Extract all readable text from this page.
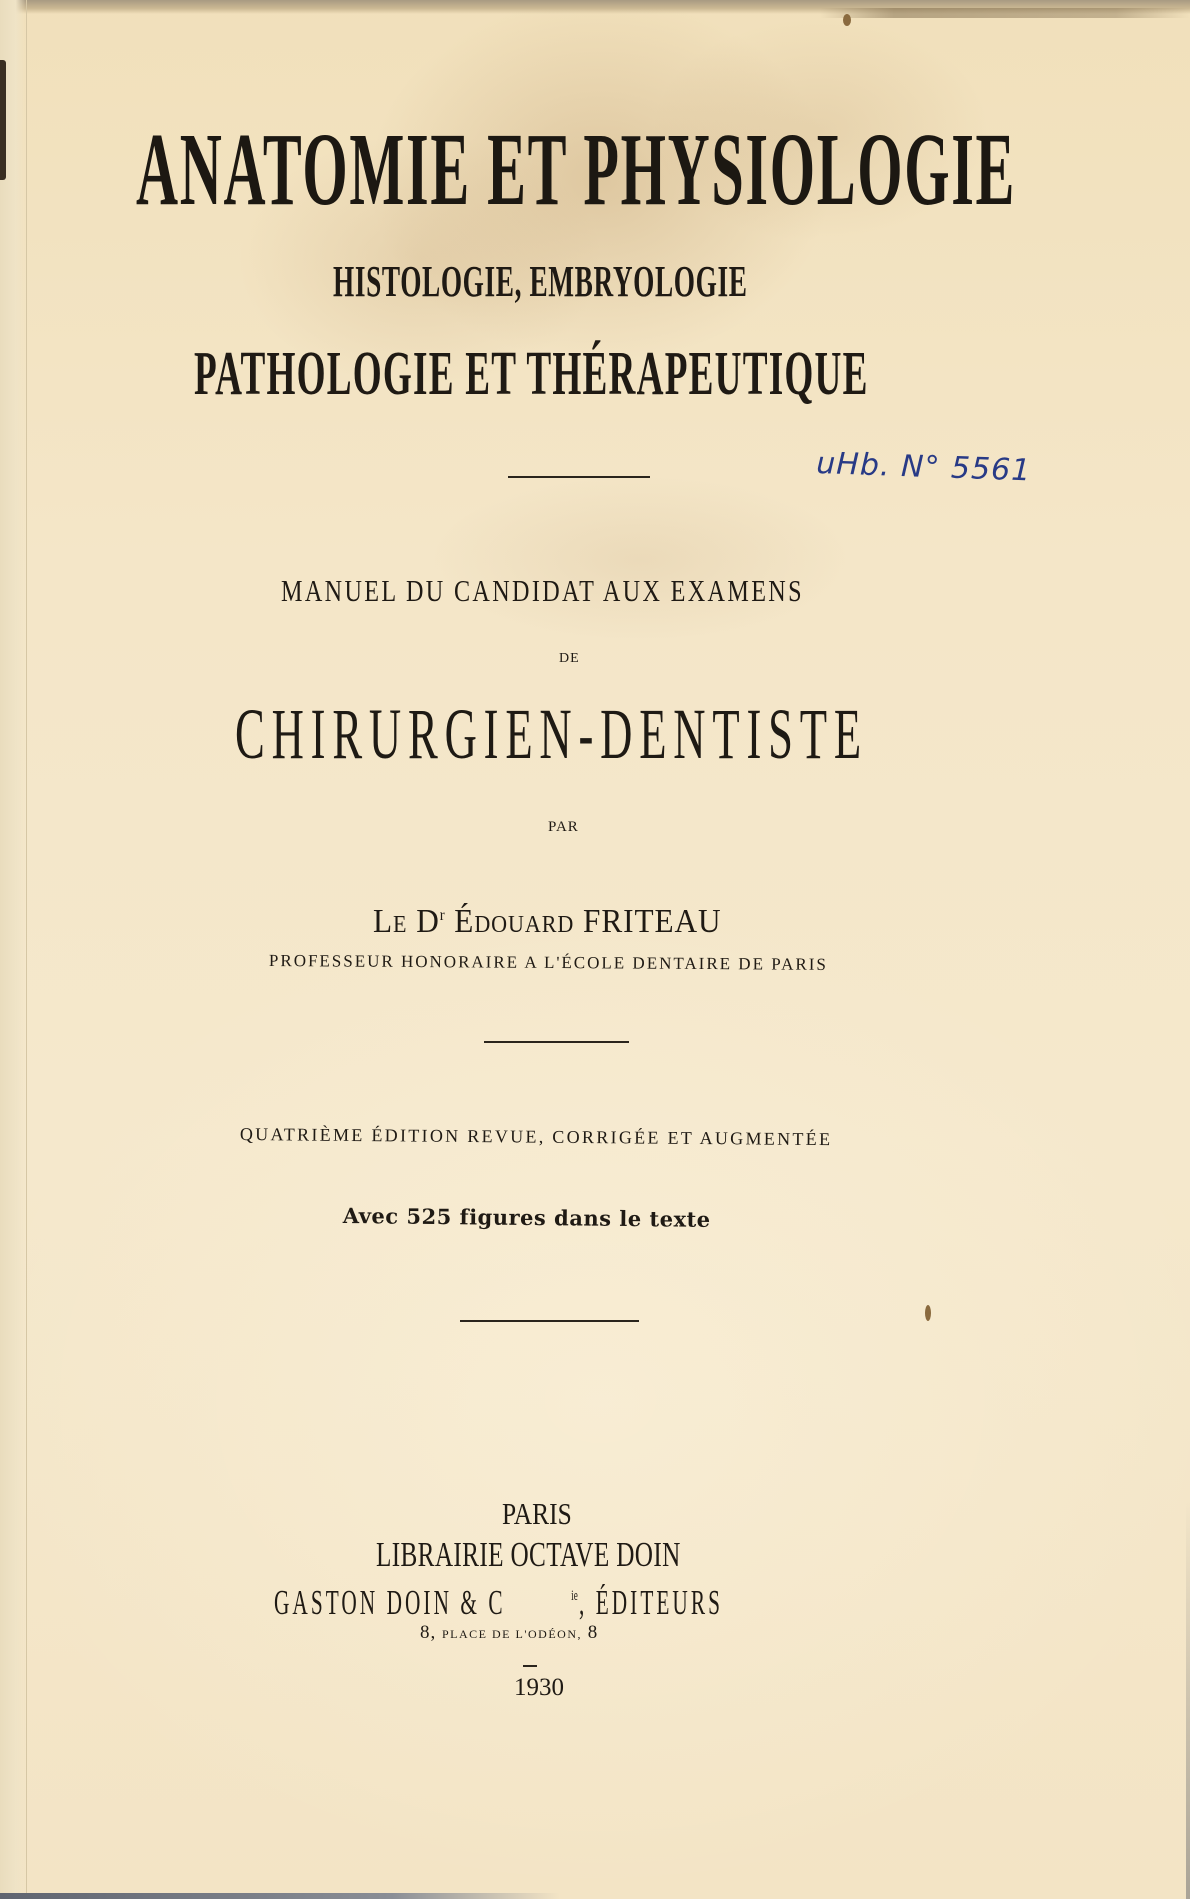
ANATOMIE ET PHYSIOLOGIE
HISTOLOGIE, EMBRYOLOGIE
PATHOLOGIE ET THÉRAPEUTIQUE
uHb. N° 5561
MANUEL DU CANDIDAT AUX EXAMENS
DE
CHIRURGIEN-DENTISTE
PAR
LE $D^r$ ÉDOUARD FRITEAU
PROFESSEUR HONORAIRE A L'ÉCOLE DENTAIRE DE PARIS
QUATRIÈME ÉDITION REVUE, CORRIGÉE ET AUGMENTÉE
Avec 525 figures dans le texte
PARIS
LIBRAIRIE OCTAVE DOIN
GASTON DOIN & C	ie, ÉDITEURS
8, PLACE DE L'ODÉON, 8
1930
